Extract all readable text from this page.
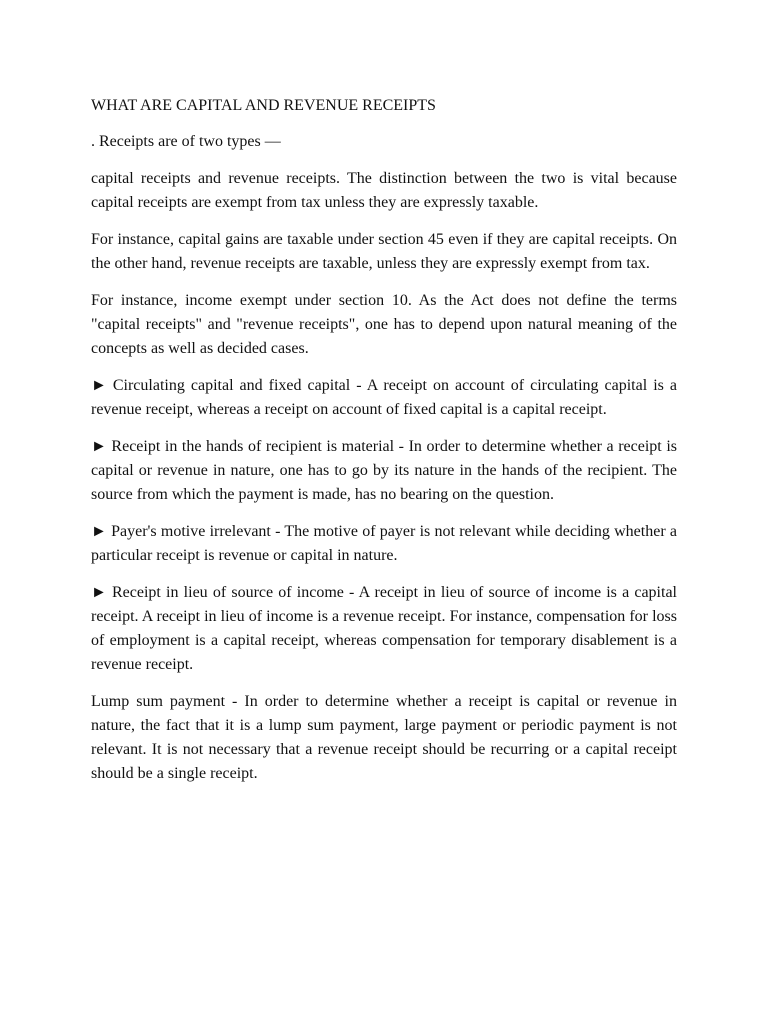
WHAT ARE CAPITAL AND REVENUE RECEIPTS

. Receipts are of two types —

capital receipts and revenue receipts. The distinction between the two is vital because capital receipts are exempt from tax unless they are expressly taxable.

For instance, capital gains are taxable under section 45 even if they are capital receipts. On the other hand, revenue receipts are taxable, unless they are expressly exempt from tax.

For instance, income exempt under section 10. As the Act does not define the terms "capital receipts" and "revenue receipts", one has to depend upon natural meaning of the concepts as well as decided cases.

► Circulating capital and fixed capital - A receipt on account of circulating capital is a revenue receipt, whereas a receipt on account of fixed capital is a capital receipt.

► Receipt in the hands of recipient is material - In order to determine whether a receipt is capital or revenue in nature, one has to go by its nature in the hands of the recipient. The source from which the payment is made, has no bearing on the question.

► Payer's motive irrelevant - The motive of payer is not relevant while deciding whether a particular receipt is revenue or capital in nature.

► Receipt in lieu of source of income - A receipt in lieu of source of income is a capital receipt. A receipt in lieu of income is a revenue receipt. For instance, compensation for loss of employment is a capital receipt, whereas compensation for temporary disablement is a revenue receipt.

Lump sum payment - In order to determine whether a receipt is capital or revenue in nature, the fact that it is a lump sum payment, large payment or periodic payment is not relevant. It is not necessary that a revenue receipt should be recurring or a capital receipt should be a single receipt.
